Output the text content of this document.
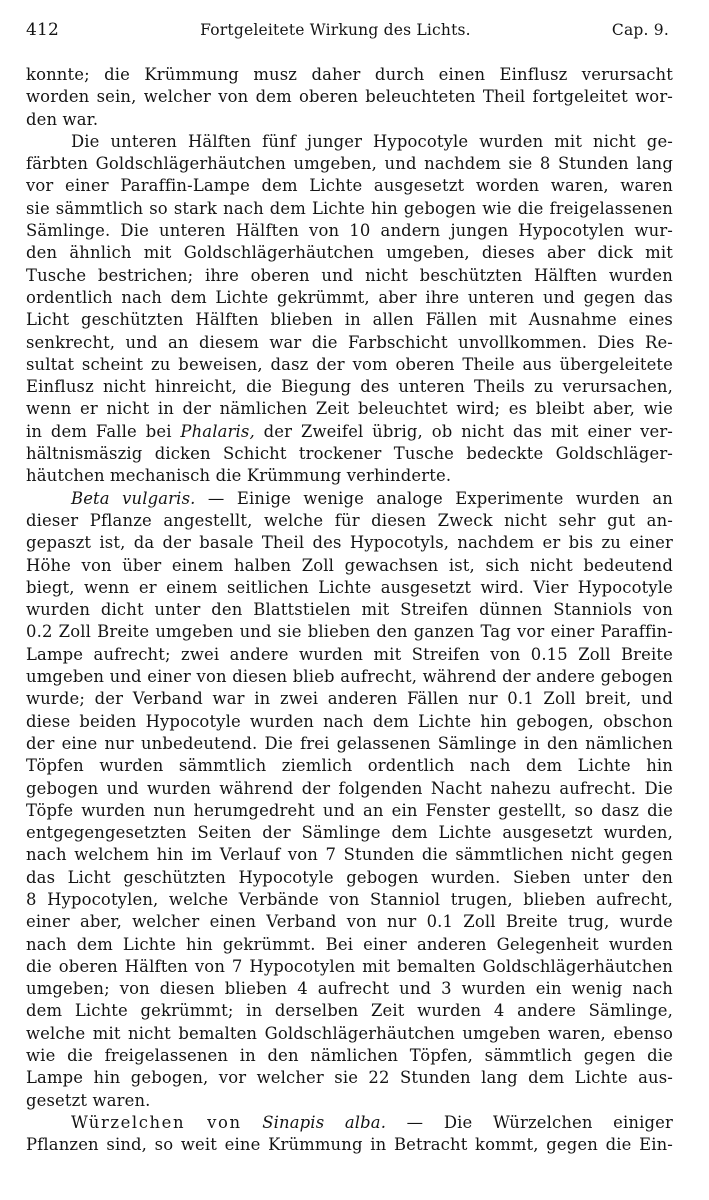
412	Fortgeleitete Wirkung des Lichts.	Cap. 9.
konnte; die Krümmung musz daher durch einen Einflusz verursacht
worden sein, welcher von dem oberen beleuchteten Theil fortgeleitet wor-
den war.
Die unteren Hälften fünf junger Hypocotyle wurden mit nicht ge-
färbten Goldschlägerhäutchen umgeben, und nachdem sie 8 Stunden lang
vor einer Paraffin-Lampe dem Lichte ausgesetzt worden waren, waren
sie sämmtlich so stark nach dem Lichte hin gebogen wie die freigelassenen
Sämlinge. Die unteren Hälften von 10 andern jungen Hypocotylen wur-
den ähnlich mit Goldschlägerhäutchen umgeben, dieses aber dick mit
Tusche bestrichen; ihre oberen und nicht beschützten Hälften wurden
ordentlich nach dem Lichte gekrümmt, aber ihre unteren und gegen das
Licht geschützten Hälften blieben in allen Fällen mit Ausnahme eines
senkrecht, und an diesem war die Farbschicht unvollkommen. Dies Re-
sultat scheint zu beweisen, dasz der vom oberen Theile aus übergeleitete
Einflusz nicht hinreicht, die Biegung des unteren Theils zu verursachen,
wenn er nicht in der nämlichen Zeit beleuchtet wird; es bleibt aber, wie
in dem Falle bei Phalaris, der Zweifel übrig, ob nicht das mit einer ver-
hältnismäszig dicken Schicht trockener Tusche bedeckte Goldschläger-
häutchen mechanisch die Krümmung verhinderte.
Beta vulgaris. — Einige wenige analoge Experimente wurden an
dieser Pflanze angestellt, welche für diesen Zweck nicht sehr gut an-
gepaszt ist, da der basale Theil des Hypocotyls, nachdem er bis zu einer
Höhe von über einem halben Zoll gewachsen ist, sich nicht bedeutend
biegt, wenn er einem seitlichen Lichte ausgesetzt wird. Vier Hypocotyle
wurden dicht unter den Blattstielen mit Streifen dünnen Stanniols von
0.2 Zoll Breite umgeben und sie blieben den ganzen Tag vor einer Paraffin-
Lampe aufrecht; zwei andere wurden mit Streifen von 0.15 Zoll Breite
umgeben und einer von diesen blieb aufrecht, während der andere gebogen
wurde; der Verband war in zwei anderen Fällen nur 0.1 Zoll breit, und
diese beiden Hypocotyle wurden nach dem Lichte hin gebogen, obschon
der eine nur unbedeutend. Die frei gelassenen Sämlinge in den nämlichen
Töpfen wurden sämmtlich ziemlich ordentlich nach dem Lichte hin
gebogen und wurden während der folgenden Nacht nahezu aufrecht. Die
Töpfe wurden nun herumgedreht und an ein Fenster gestellt, so dasz die
entgegengesetzten Seiten der Sämlinge dem Lichte ausgesetzt wurden,
nach welchem hin im Verlauf von 7 Stunden die sämmtlichen nicht gegen
das Licht geschützten Hypocotyle gebogen wurden. Sieben unter den
8 Hypocotylen, welche Verbände von Stanniol trugen, blieben aufrecht,
einer aber, welcher einen Verband von nur 0.1 Zoll Breite trug, wurde
nach dem Lichte hin gekrümmt. Bei einer anderen Gelegenheit wurden
die oberen Hälften von 7 Hypocotylen mit bemalten Goldschlägerhäutchen
umgeben; von diesen blieben 4 aufrecht und 3 wurden ein wenig nach
dem Lichte gekrümmt; in derselben Zeit wurden 4 andere Sämlinge,
welche mit nicht bemalten Goldschlägerhäutchen umgeben waren, ebenso
wie die freigelassenen in den nämlichen Töpfen, sämmtlich gegen die
Lampe hin gebogen, vor welcher sie 22 Stunden lang dem Lichte aus-
gesetzt waren.
Würzelchen von Sinapis alba. — Die Würzelchen einiger
Pflanzen sind, so weit eine Krümmung in Betracht kommt, gegen die Ein-
